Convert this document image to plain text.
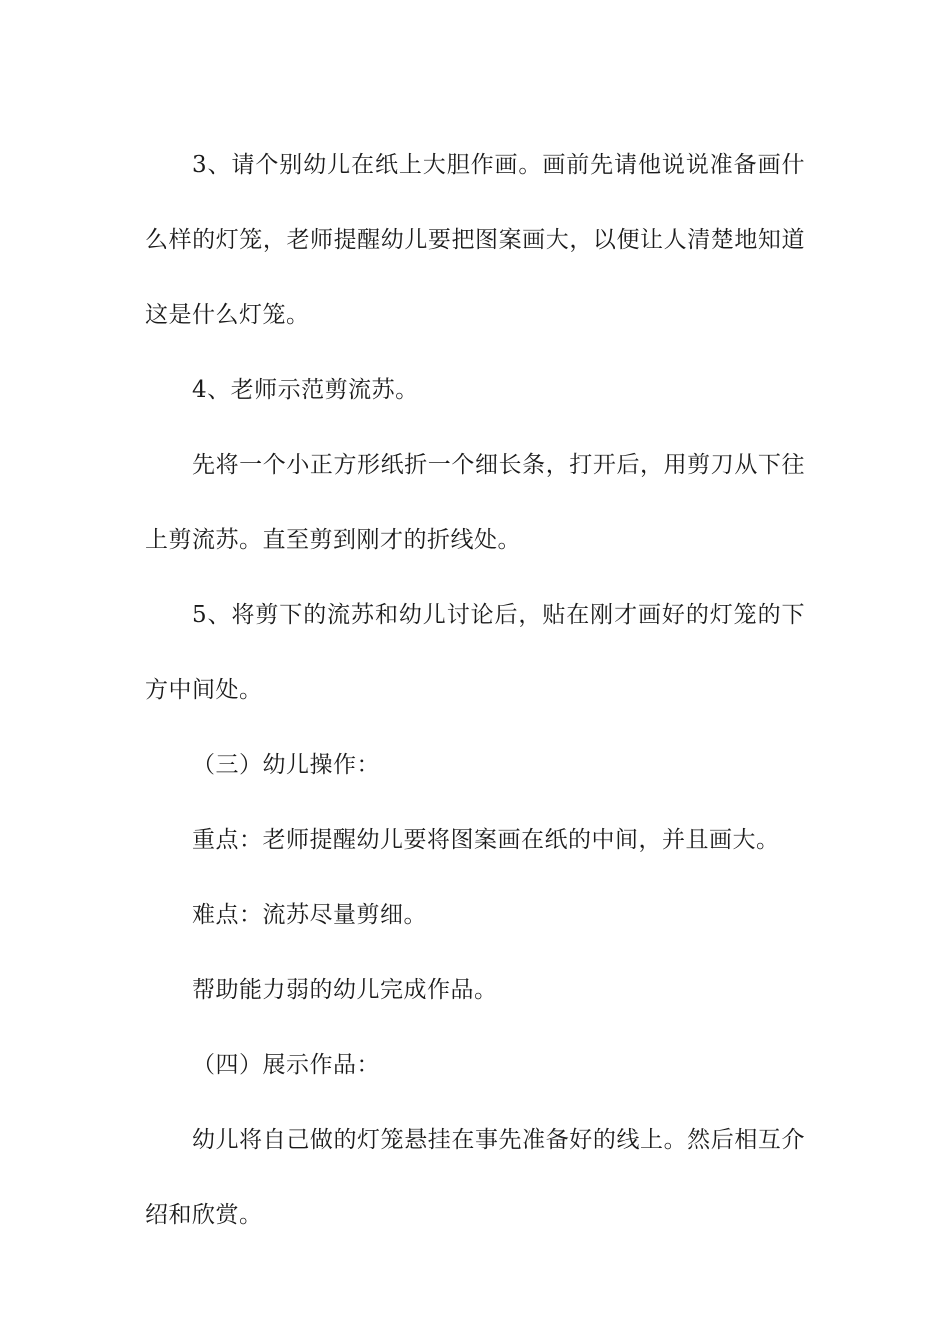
3、请个别幼儿在纸上大胆作画。画前先请他说说准备画什么样的灯笼，老师提醒幼儿要把图案画大，以便让人清楚地知道这是什么灯笼。

4、老师示范剪流苏。

先将一个小正方形纸折一个细长条，打开后，用剪刀从下往上剪流苏。直至剪到刚才的折线处。

5、将剪下的流苏和幼儿讨论后，贴在刚才画好的灯笼的下方中间处。

（三）幼儿操作：

重点：老师提醒幼儿要将图案画在纸的中间，并且画大。

难点：流苏尽量剪细。

帮助能力弱的幼儿完成作品。

（四）展示作品：

幼儿将自己做的灯笼悬挂在事先准备好的线上。然后相互介绍和欣赏。
